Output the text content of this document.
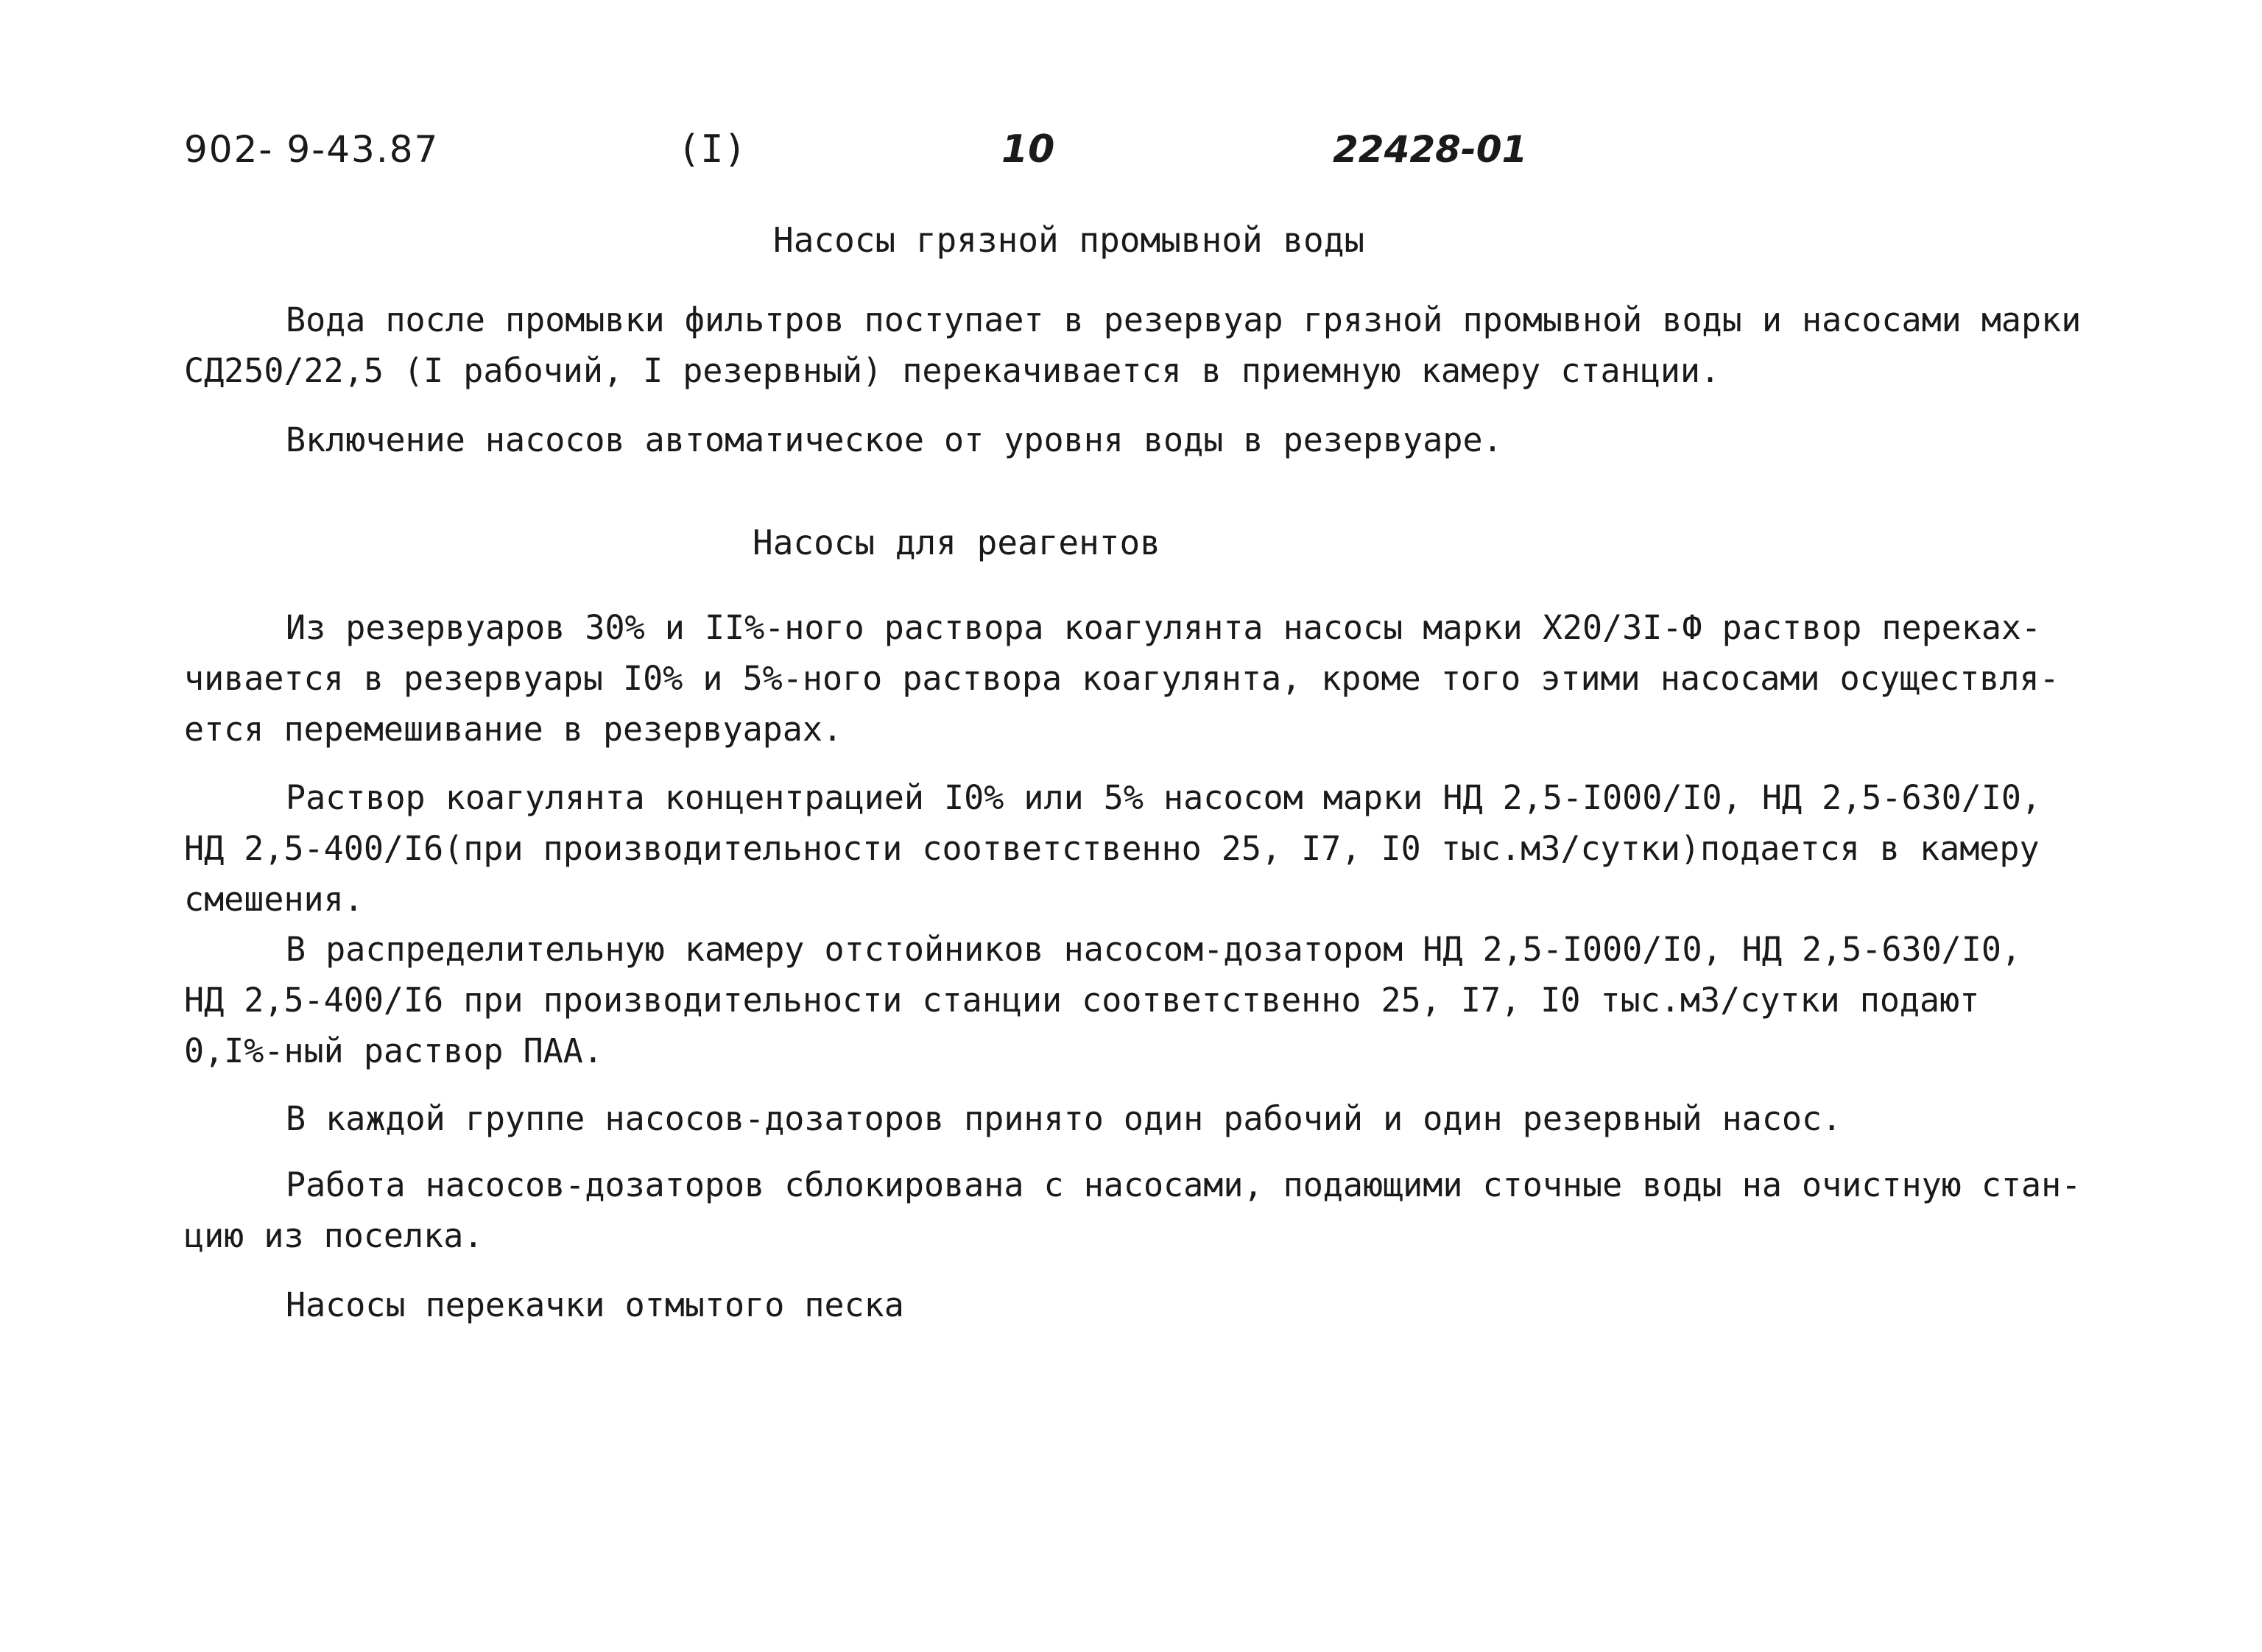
902- 9-43.87	(I)	10	22428-01
Насосы грязной промывной воды
Вода после промывки фильтров поступает в резервуар грязной промывной воды и насосами марки
СД250/22,5 (I рабочий, I резервный) перекачивается в приемную камеру станции.
Включение насосов автоматическое от уровня воды в резервуаре.
Насосы для реагентов
Из резервуаров 30% и II%-ного раствора коагулянта насосы марки Х20/3I-Ф раствор переках-
чивается в резервуары I0% и 5%-ного раствора коагулянта, кроме того этими насосами осуществля-
ется перемешивание в резервуарах.
Раствор коагулянта концентрацией I0% или 5% насосом марки НД 2,5-I000/I0, НД 2,5-630/I0,
НД 2,5-400/I6(при производительности соответственно 25, I7, I0 тыс.м3/сутки)подается в камеру
смешения.
В распределительную камеру отстойников насосом-дозатором НД 2,5-I000/I0, НД 2,5-630/I0,
НД 2,5-400/I6 при производительности станции соответственно 25, I7, I0 тыс.м3/сутки подают
0,I%-ный раствор ПАА.
В каждой группе насосов-дозаторов принято один рабочий и один резервный насос.
Работа насосов-дозаторов сблокирована с насосами, подающими сточные воды на очистную стан-
цию из поселка.
Насосы перекачки отмытого песка
